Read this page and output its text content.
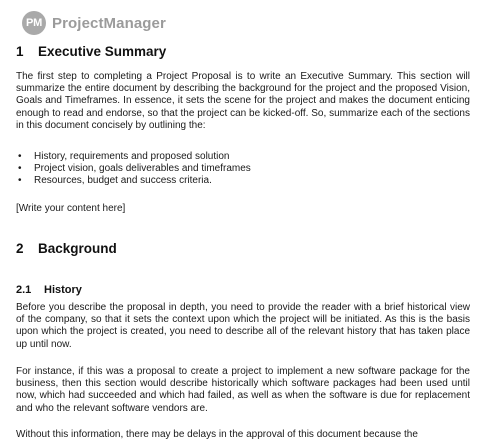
PM ProjectManager
1	Executive Summary

The first step to completing a Project Proposal is to write an Executive Summary. This section will summarize the entire document by describing the background for the project and the proposed Vision, Goals and Timeframes. In essence, it sets the scene for the project and makes the document enticing enough to read and endorse, so that the project can be kicked-off. So, summarize each of the sections in this document concisely by outlining the:

• History, requirements and proposed solution
• Project vision, goals deliverables and timeframes
• Resources, budget and success criteria.

[Write your content here]

2	Background
2.1	History

Before you describe the proposal in depth, you need to provide the reader with a brief historical view of the company, so that it sets the context upon which the project will be initiated. As this is the basis upon which the project is created, you need to describe all of the relevant history that has taken place up until now.

For instance, if this was a proposal to create a project to implement a new software package for the business, then this section would describe historically which software packages had been used until now, which had succeeded and which had failed, as well as when the software is due for replacement and who the relevant software vendors are.

Without this information, there may be delays in the approval of this document because the
